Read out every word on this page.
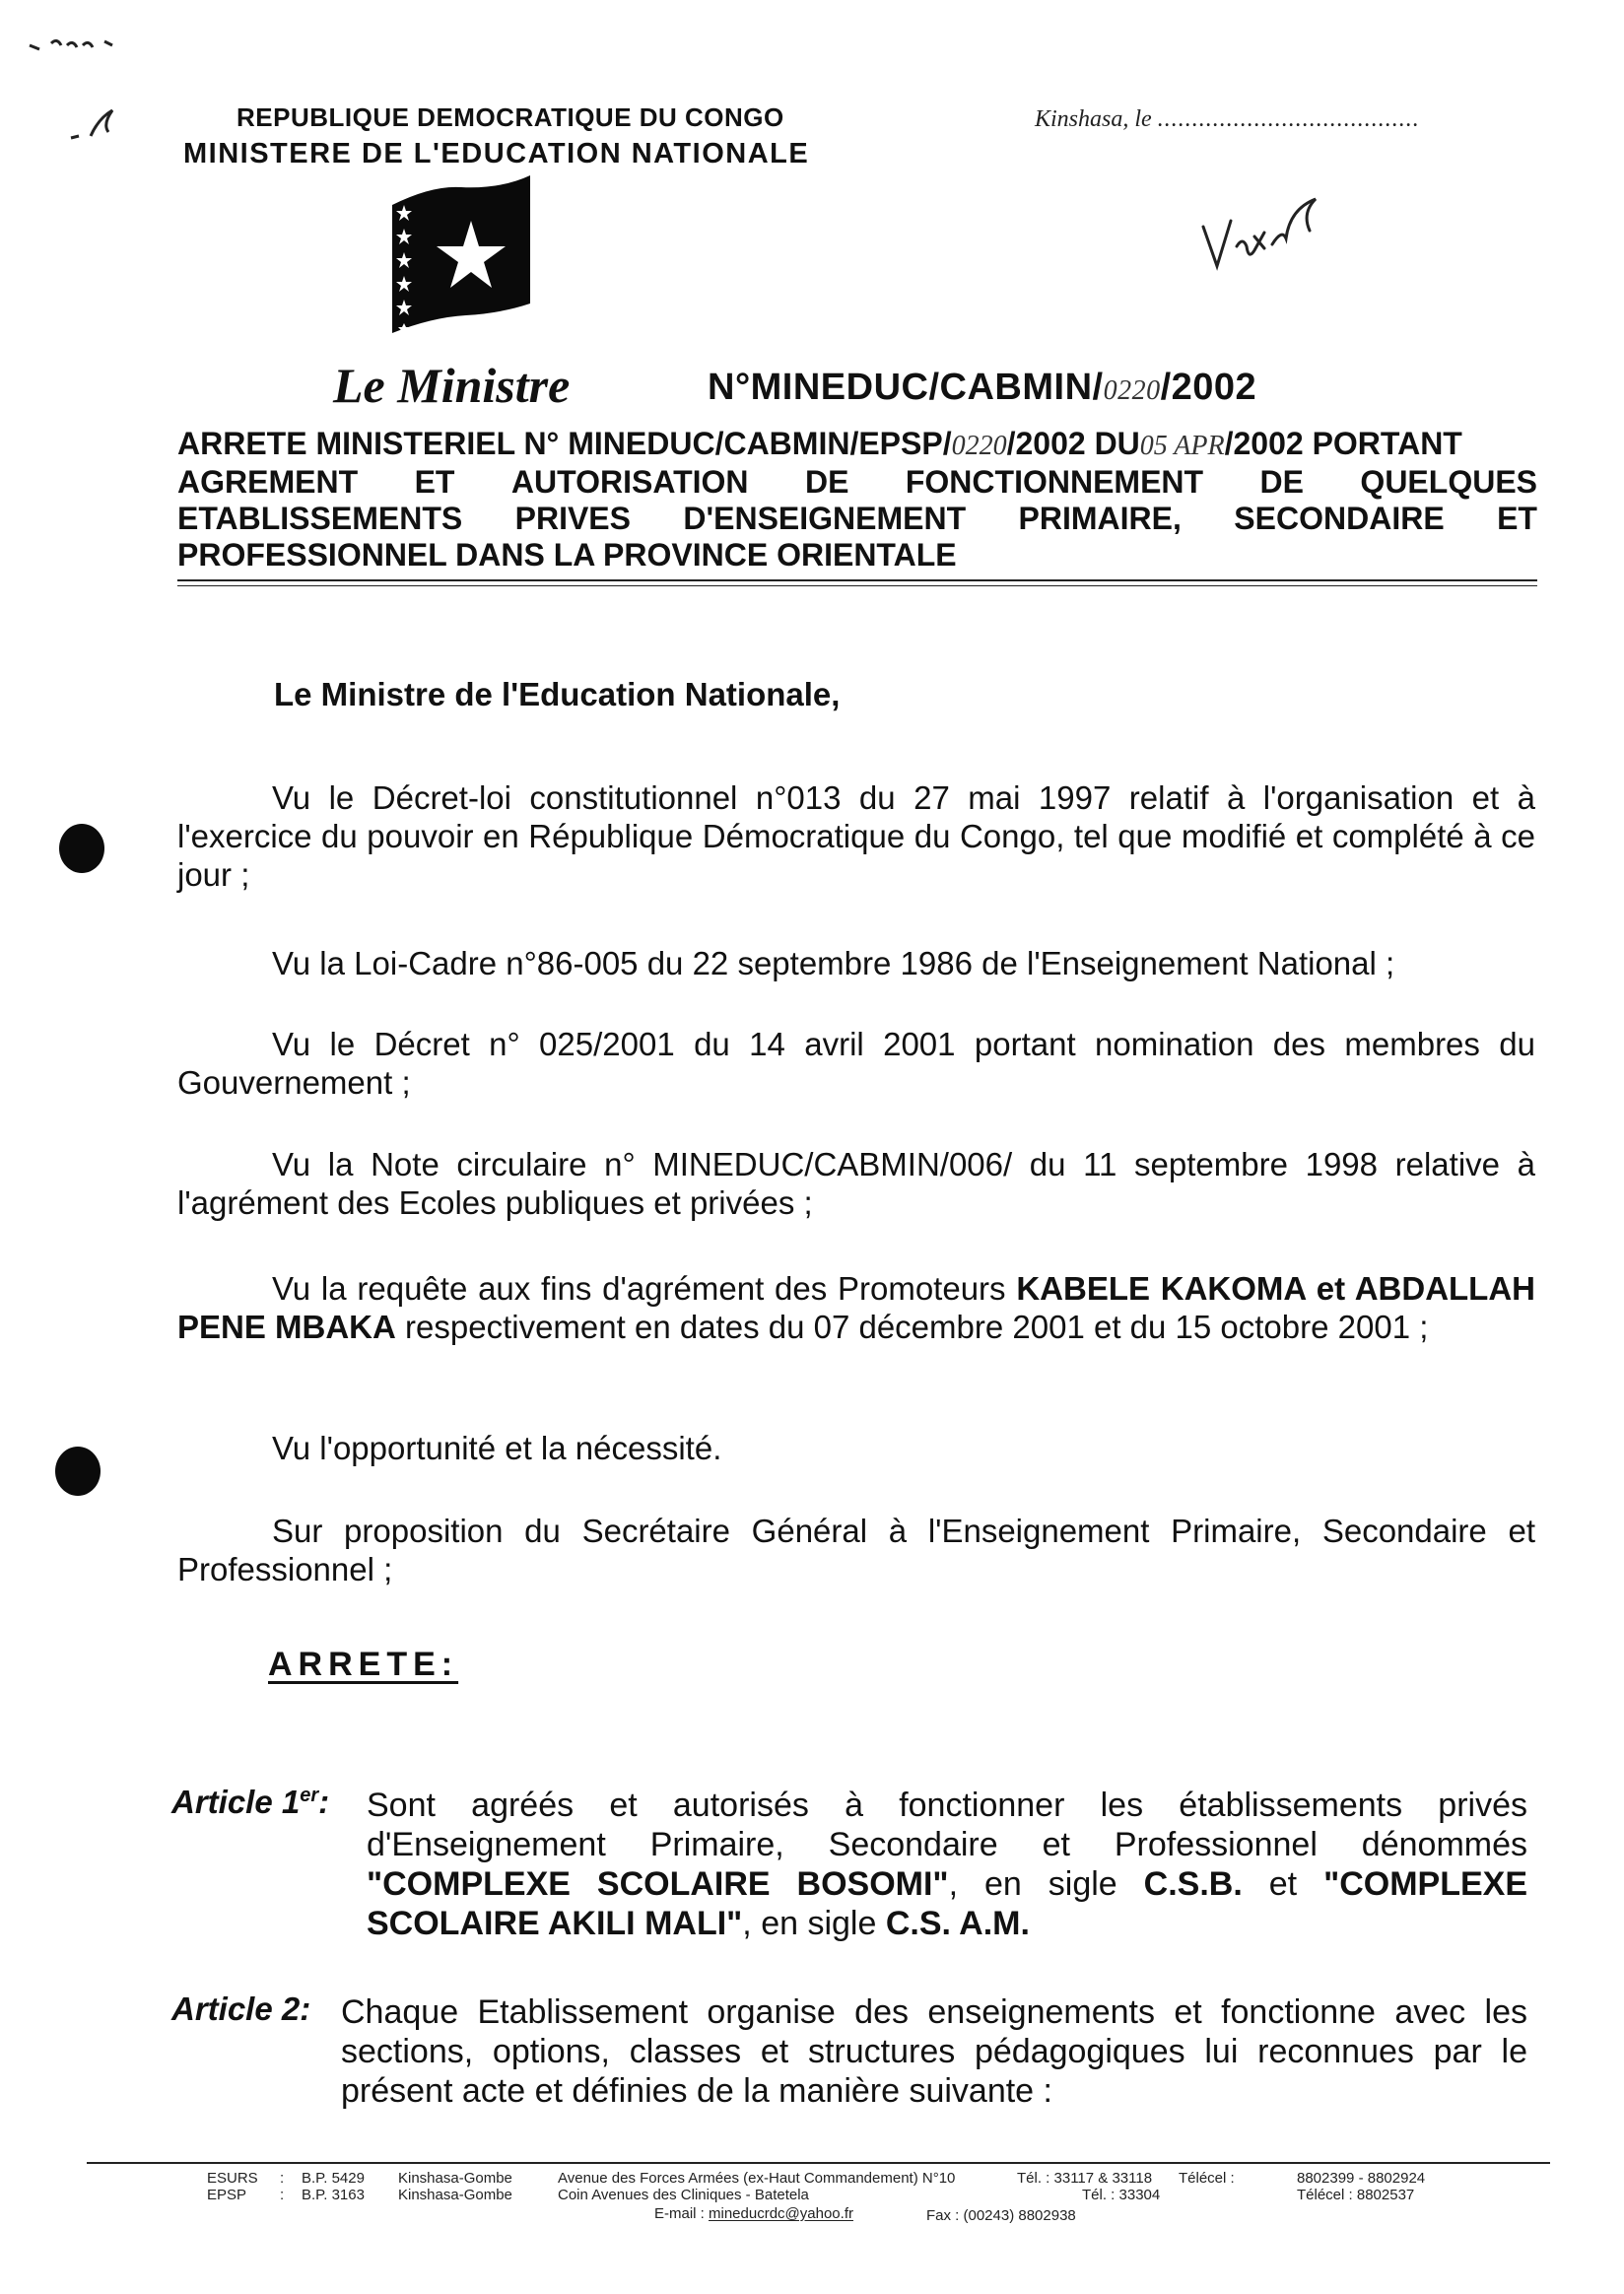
REPUBLIQUE DEMOCRATIQUE DU CONGO
MINISTERE DE L'EDUCATION NATIONALE
Kinshasa, le ......................................
Le Ministre	N°MINEDUC/CABMIN/0220/2002
ARRETE MINISTERIEL N° MINEDUC/CABMIN/EPSP/0220/2002 DU05 APR/2002 PORTANT
AGREMENT ET AUTORISATION DE FONCTIONNEMENT DE QUELQUES
ETABLISSEMENTS PRIVES D'ENSEIGNEMENT PRIMAIRE, SECONDAIRE ET
PROFESSIONNEL DANS LA PROVINCE ORIENTALE
Le Ministre de l'Education Nationale,
Vu le Décret-loi constitutionnel n°013 du 27 mai 1997 relatif à l'organisation et à l'exercice du pouvoir en République Démocratique du Congo, tel que modifié et complété à ce jour ;
Vu la Loi-Cadre n°86-005 du 22 septembre 1986 de l'Enseignement National ;
Vu le Décret n° 025/2001 du 14 avril 2001 portant nomination des membres du Gouvernement ;
Vu la Note circulaire n° MINEDUC/CABMIN/006/ du 11 septembre 1998 relative à l'agrément des Ecoles publiques et privées ;
Vu la requête aux fins d'agrément des Promoteurs KABELE KAKOMA et ABDALLAH PENE MBAKA respectivement en dates du 07 décembre 2001 et du 15 octobre 2001 ;
Vu l'opportunité et la nécessité.
Sur proposition du Secrétaire Général à l'Enseignement Primaire, Secondaire et Professionnel ;
ARRETE:
Article 1er: Sont agréés et autorisés à fonctionner les établissements privés d'Enseignement Primaire, Secondaire et Professionnel dénommés "COMPLEXE SCOLAIRE BOSOMI", en sigle C.S.B. et "COMPLEXE SCOLAIRE AKILI MALI", en sigle C.S. A.M.
Article 2: Chaque Etablissement organise des enseignements et fonctionne avec les sections, options, classes et structures pédagogiques lui reconnues par le présent acte et définies de la manière suivante :
ESURS
EPSP
:
:
B.P. 5429
B.P. 3163
Kinshasa-Gombe
Kinshasa-Gombe
Avenue des Forces Armées (ex-Haut Commandement) N°10
Coin Avenues des Cliniques - Batetela
E-mail : mineducrdc@yahoo.fr
Tél. : 33117 & 33118
Tél. : 33304
Télécel :
Fax : (00243) 8802938
8802399 - 8802924
Télécel : 8802537
